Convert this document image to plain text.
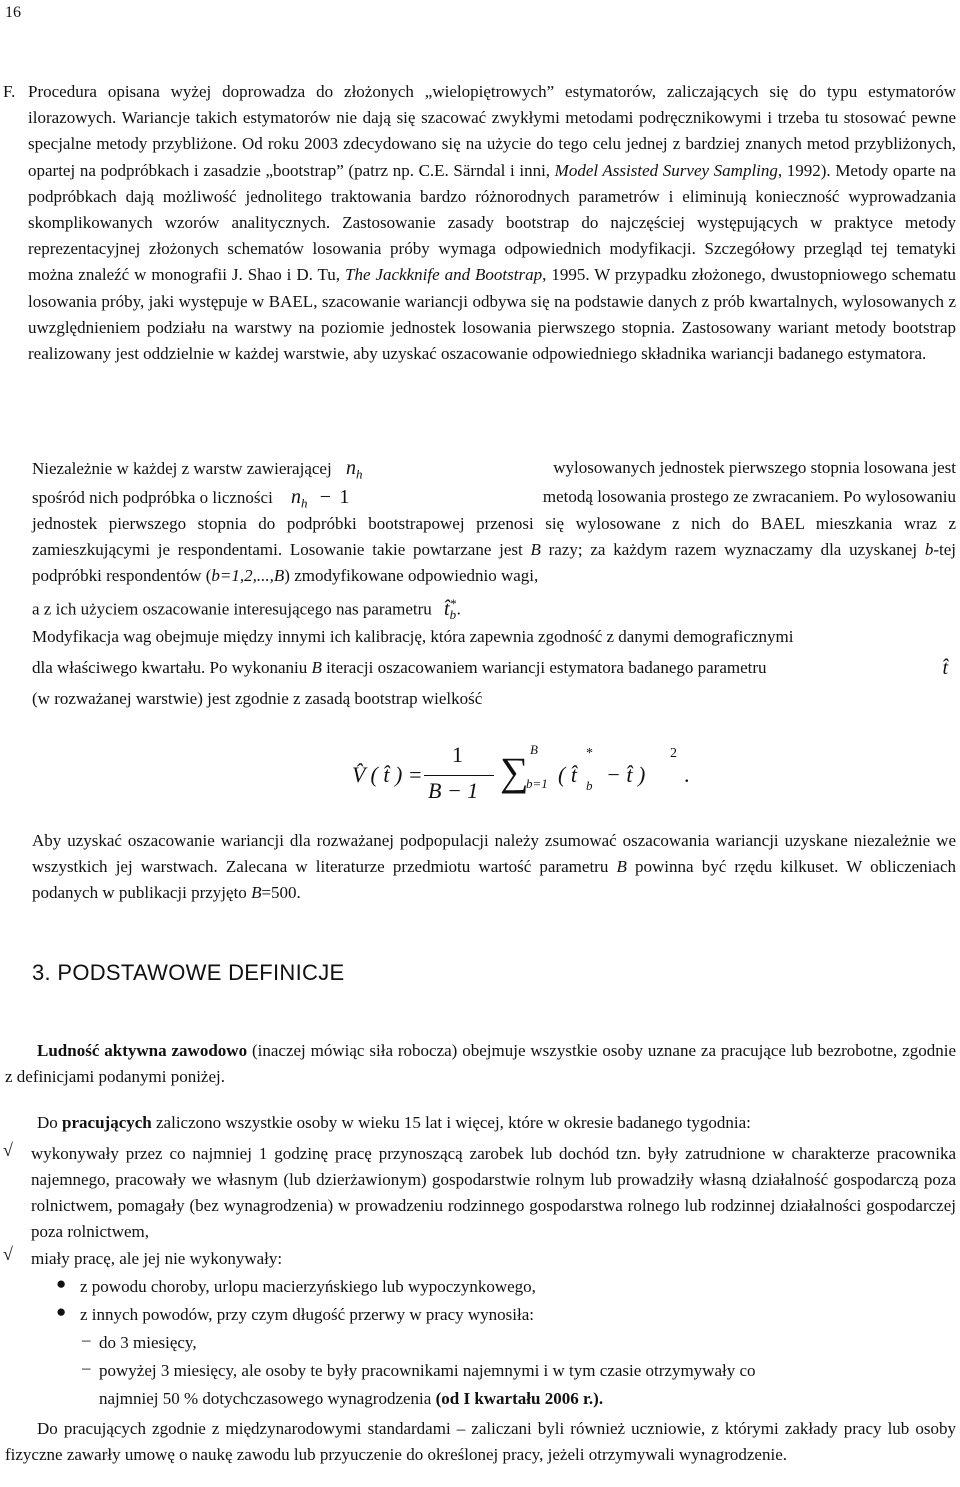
16
F. Procedura opisana wyżej doprowadza do złożonych „wielopiętrowych” estymatorów, zaliczających się do typu estymatorów ilorazowych. Wariancje takich estymatorów nie dają się szacować zwykłymi metodami podręcznikowymi i trzeba tu stosować pewne specjalne metody przybliżone. Od roku 2003 zdecydowano się na użycie do tego celu jednej z bardziej znanych metod przybliżonych, opartej na podpróbkach i zasadzie „bootstrap” (patrz np. C.E. Särndal i inni, Model Assisted Survey Sampling, 1992). Metody oparte na podpróbkach dają możliwość jednolitego traktowania bardzo różnorodnych parametrów i eliminują konieczność wyprowadzania skomplikowanych wzorów analitycznych. Zastosowanie zasady bootstrap do najczęściej występujących w praktyce metody reprezentacyjnej złożonych schematów losowania próby wymaga odpowiednich modyfikacji. Szczegółowy przegląd tej tematyki można znaleźć w monografii J. Shao i D. Tu, The Jackknife and Bootstrap, 1995. W przypadku złożonego, dwustopniowego schematu losowania próby, jaki występuje w BAEL, szacowanie wariancji odbywa się na podstawie danych z prób kwartalnych, wylosowanych z uwzględnieniem podziału na warstwy na poziomie jednostek losowania pierwszego stopnia. Zastosowany wariant metody bootstrap realizowany jest oddzielnie w każdej warstwie, aby uzyskać oszacowanie odpowiedniego składnika wariancji badanego estymatora.
Niezależnie w każdej z warstw zawierającej $n_h$	wylosowanych jednostek pierwszego stopnia losowana jest
spośród nich podpróbka o liczności $n_h - 1$	metodą losowania prostego ze zwracaniem. Po wylosowaniu
jednostek pierwszego stopnia do podpróbki bootstrapowej przenosi się wylosowane z nich do BAEL mieszkania wraz z zamieszkującymi je respondentami. Losowanie takie powtarzane jest B razy; za każdym razem wyznaczamy dla uzyskanej b-tej podpróbki respondentów (b=1,2,...,B) zmodyfikowane odpowiednio wagi,
a z ich użyciem oszacowanie interesującego nas parametru $t̂_b^*$.
Modyfikacja wag obejmuje między innymi ich kalibrację, która zapewnia zgodność z danymi demograficznymi
dla właściwego kwartału. Po wykonaniu B iteracji oszacowaniem wariancji estymatora badanego parametru	t̂
(w rozważanej warstwie) jest zgodnie z zasadą bootstrap wielkość
V̂ ( t̂ ) =
1
B − 1 ∑ B
b=1 ( t̂ b
*
− t̂ )
2
.
Aby uzyskać oszacowanie wariancji dla rozważanej podpopulacji należy zsumować oszacowania wariancji uzyskane niezależnie we wszystkich jej warstwach. Zalecana w literaturze przedmiotu wartość parametru B powinna być rzędu kilkuset. W obliczeniach podanych w publikacji przyjęto B=500.
3. PODSTAWOWE DEFINICJE
Ludność aktywna zawodowo (inaczej mówiąc siła robocza) obejmuje wszystkie osoby uznane za pracujące lub bezrobotne, zgodnie z definicjami podanymi poniżej.
Do pracujących zaliczono wszystkie osoby w wieku 15 lat i więcej, które w okresie badanego tygodnia:
√ wykonywały przez co najmniej 1 godzinę pracę przynoszącą zarobek lub dochód tzn. były zatrudnione w charakterze pracownika najemnego, pracowały we własnym (lub dzierżawionym) gospodarstwie rolnym lub prowadziły własną działalność gospodarczą poza rolnictwem, pomagały (bez wynagrodzenia) w prowadzeniu rodzinnego gospodarstwa rolnego lub rodzinnej działalności gospodarczej poza rolnictwem,
√ miały pracę, ale jej nie wykonywały:
● z powodu choroby, urlopu macierzyńskiego lub wypoczynkowego,
● z innych powodów, przy czym długość przerwy w pracy wynosiła:
– do 3 miesięcy,
– powyżej 3 miesięcy, ale osoby te były pracownikami najemnymi i w tym czasie otrzymywały co
najmniej 50 % dotychczasowego wynagrodzenia (od I kwartału 2006 r.).
Do pracujących zgodnie z międzynarodowymi standardami – zaliczani byli również uczniowie, z którymi zakłady pracy lub osoby fizyczne zawarły umowę o naukę zawodu lub przyuczenie do określonej pracy, jeżeli otrzymywali wynagrodzenie.
